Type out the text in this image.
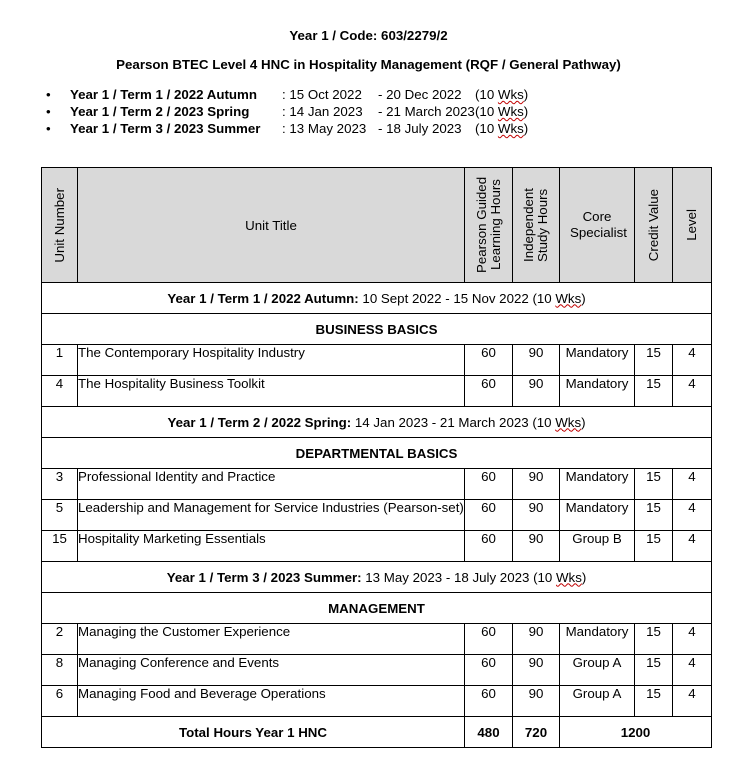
Year 1 / Code: 603/2279/2
Pearson BTEC Level 4 HNC in Hospitality Management (RQF / General Pathway)
• Year 1 / Term 1 / 2022 Autumn : 15 Oct 2022 - 20 Dec 2022 (10 Wks)
• Year 1 / Term 2 / 2023 Spring : 14 Jan 2023 - 21 March 2023 (10 Wks)
• Year 1 / Term 3 / 2023 Summer : 13 May 2023 - 18 July 2023 (10 Wks)
Unit Number	Unit Title	Pearson Guided Learning Hours	Independent Study Hours	Core Specialist	Credit Value	Level

Year 1 / Term 1 / 2022 Autumn: 10 Sept 2022 - 15 Nov 2022 (10 Wks)						
BUSINESS BASICS						
1	The Contemporary Hospitality Industry	60	90	Mandatory	15	4
4	The Hospitality Business Toolkit	60	90	Mandatory	15	4
Year 1 / Term 2 / 2022 Spring: 14 Jan 2023 - 21 March 2023 (10 Wks)						
DEPARTMENTAL BASICS						
3	Professional Identity and Practice	60	90	Mandatory	15	4
5	Leadership and Management for Service Industries (Pearson-set)	60	90	Mandatory	15	4
15	Hospitality Marketing Essentials	60	90	Group B	15	4
Year 1 / Term 3 / 2023 Summer: 13 May 2023 - 18 July 2023 (10 Wks)						
MANAGEMENT						
2	Managing the Customer Experience	60	90	Mandatory	15	4
8	Managing Conference and Events	60	90	Group A	15	4
6	Managing Food and Beverage Operations	60	90	Group A	15	4
Total Hours Year 1 HNC		480	720	1200		
